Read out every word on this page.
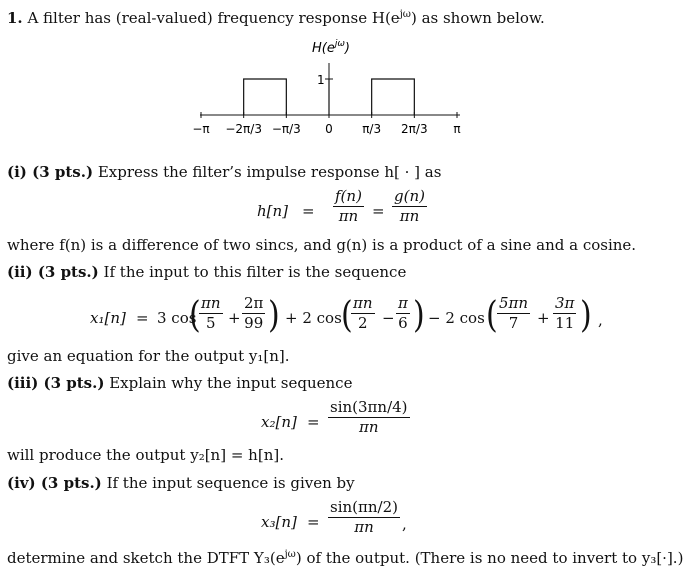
1. A filter has (real-valued) frequency response $H(e^{j\omega})$ as shown below.
$H(e^{j\omega})$
1
−π −2π/3 −π/3 0 π/3 2π/3 π
(i) (3 pts.) Express the filter’s impulse response h[ · ] as
$h[n] = \frac{f(n)}{\pi n} = \frac{g(n)}{\pi n}$
where f(n) is a difference of two sincs, and g(n) is a product of a sine and a cosine.
(ii) (3 pts.) If the input to this filter is the sequence
x₁[n] = 3 cos
(
$\frac{\pi n}{5} + \frac{2\pi}{99}$ ) + 2 cos (
$\frac{\pi n}{2} - \frac{\pi}{6}$ ) − 2 cos ( $\frac{5\pi n}{7} + \frac{3\pi}{11}$ ) ,
give an equation for the output y₁[n].
(iii) (3 pts.) Explain why the input sequence
$x_2[n] = \frac{\sin(3\pi n/4)}{\pi n}$
will produce the output y₂[n] = h[n].
(iv) (3 pts.) If the input sequence is given by
$x_3[n] = \frac{\sin(\pi n/2)}{\pi n}$ ,
determine and sketch the DTFT $Y_3(e^{j\omega})$ of the output. (There is no need to invert to y₃[·].)
